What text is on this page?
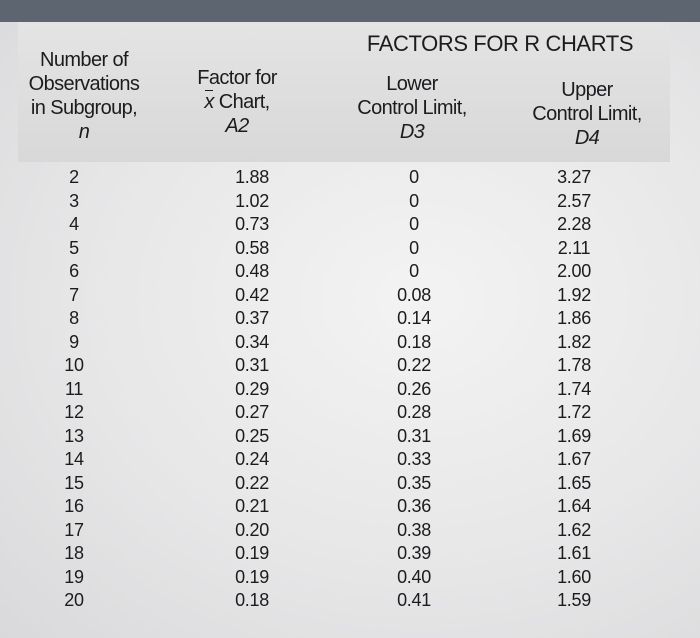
FACTORS FOR R CHARTS
Number of
Observations
in Subgroup,
n
Factor for
x Chart,
A2
Lower
Control Limit,
D3
Upper
Control Limit,
D4
2
3
4
5
6
7
8
9
10
11
12
13
14
15
16
17
18
19
20
1.88
1.02
0.73
0.58
0.48
0.42
0.37
0.34
0.31
0.29
0.27
0.25
0.24
0.22
0.21
0.20
0.19
0.19
0.18
0
0
0
0
0
0.08
0.14
0.18
0.22
0.26
0.28
0.31
0.33
0.35
0.36
0.38
0.39
0.40
0.41
3.27
2.57
2.28
2.11
2.00
1.92
1.86
1.82
1.78
1.74
1.72
1.69
1.67
1.65
1.64
1.62
1.61
1.60
1.59
